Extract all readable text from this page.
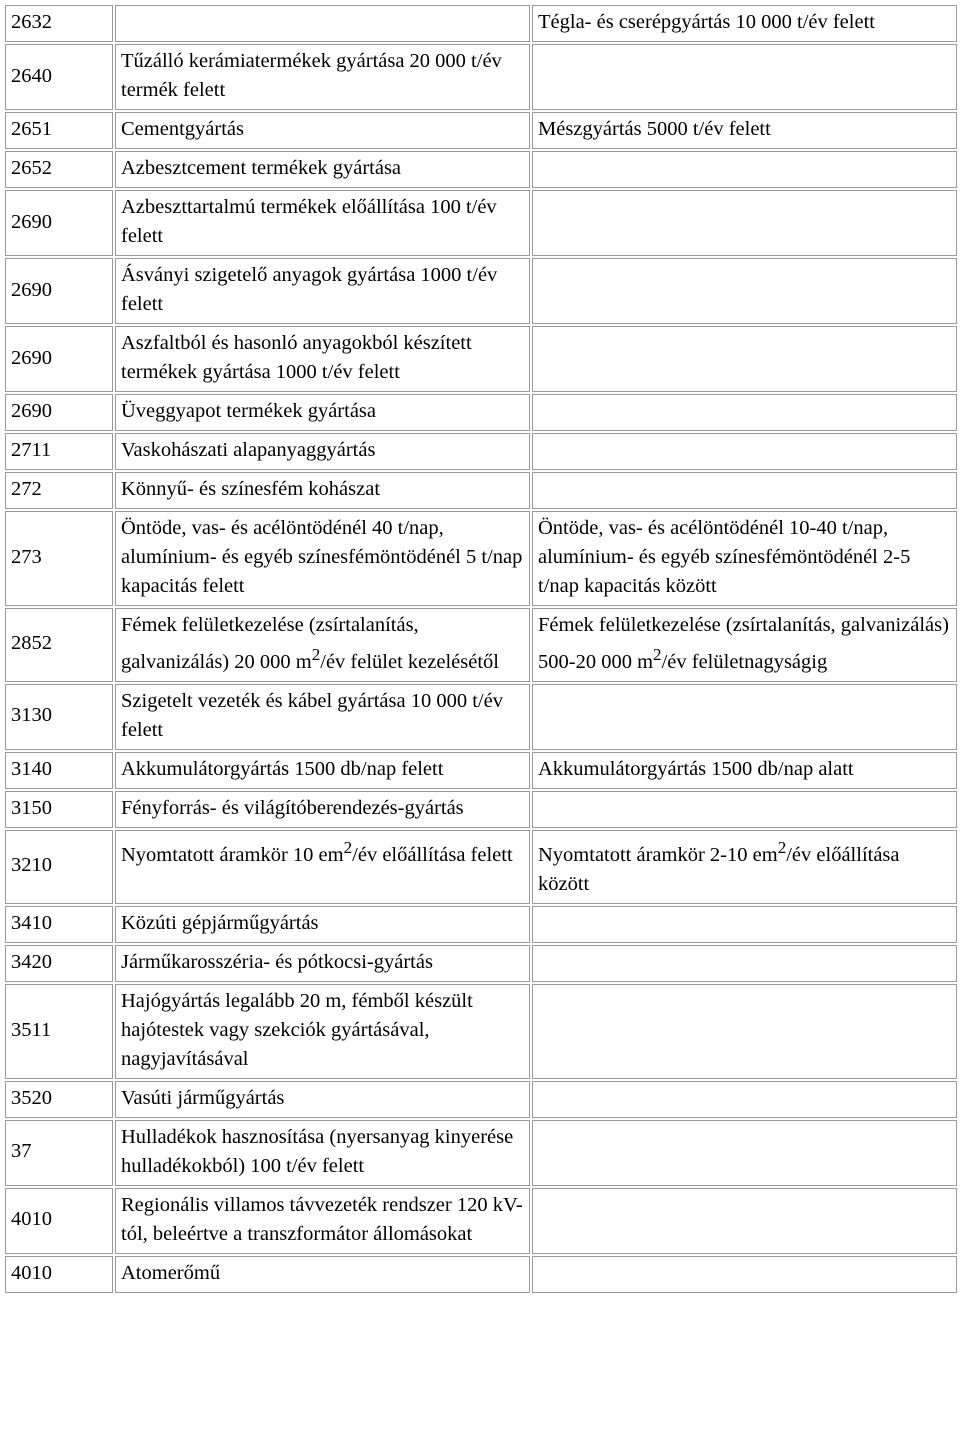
2632		Tégla- és cserépgyártás 10 000 t/év felett
2640	Tűzálló kerámiatermékek gyártása 20 000 t/év termék felett	
2651	Cementgyártás	Mészgyártás 5000 t/év felett
2652	Azbesztcement termékek gyártása	
2690	Azbeszttartalmú termékek előállítása 100 t/év felett	
2690	Ásványi szigetelő anyagok gyártása 1000 t/év felett	
2690	Aszfaltból és hasonló anyagokból készített termékek gyártása 1000 t/év felett	
2690	Üveggyapot termékek gyártása	
2711	Vaskohászati alapanyaggyártás	
272	Könnyű- és színesfém kohászat	
273	Öntöde, vas- és acélöntödénél 40 t/nap, alumínium- és egyéb színesfémöntödénél 5 t/nap kapacitás felett	Öntöde, vas- és acélöntödénél 10-40 t/nap, alumínium- és egyéb színesfémöntödénél 2-5 t/nap kapacitás között
2852	Fémek felületkezelése (zsírtalanítás, galvanizálás) 20 000 $m^2/év$ felület kezelésétől	Fémek felületkezelése (zsírtalanítás, galvanizálás) 500-20 000 $m^2/év$ felületnagyságig
3130	Szigetelt vezeték és kábel gyártása 10 000 t/év felett	
3140	Akkumulátorgyártás 1500 db/nap felett	Akkumulátorgyártás 1500 db/nap alatt
3150	Fényforrás- és világítóberendezés-gyártás	
3210	Nyomtatott áramkör 10 $em^2/év$ előállítása felett	Nyomtatott áramkör 2-10 $em^2/év$ előállítása között
3410	Közúti gépjárműgyártás	
3420	Járműkarosszéria- és pótkocsi-gyártás	
3511	Hajógyártás legalább 20 m, fémből készült hajótestek vagy szekciók gyártásával, nagyjavításával	
3520	Vasúti járműgyártás	
37	Hulladékok hasznosítása (nyersanyag kinyerése hulladékokból) 100 t/év felett	
4010	Regionális villamos távvezeték rendszer 120 kV-tól, beleértve a transzformátor állomásokat	
4010	Atomerőmű	
